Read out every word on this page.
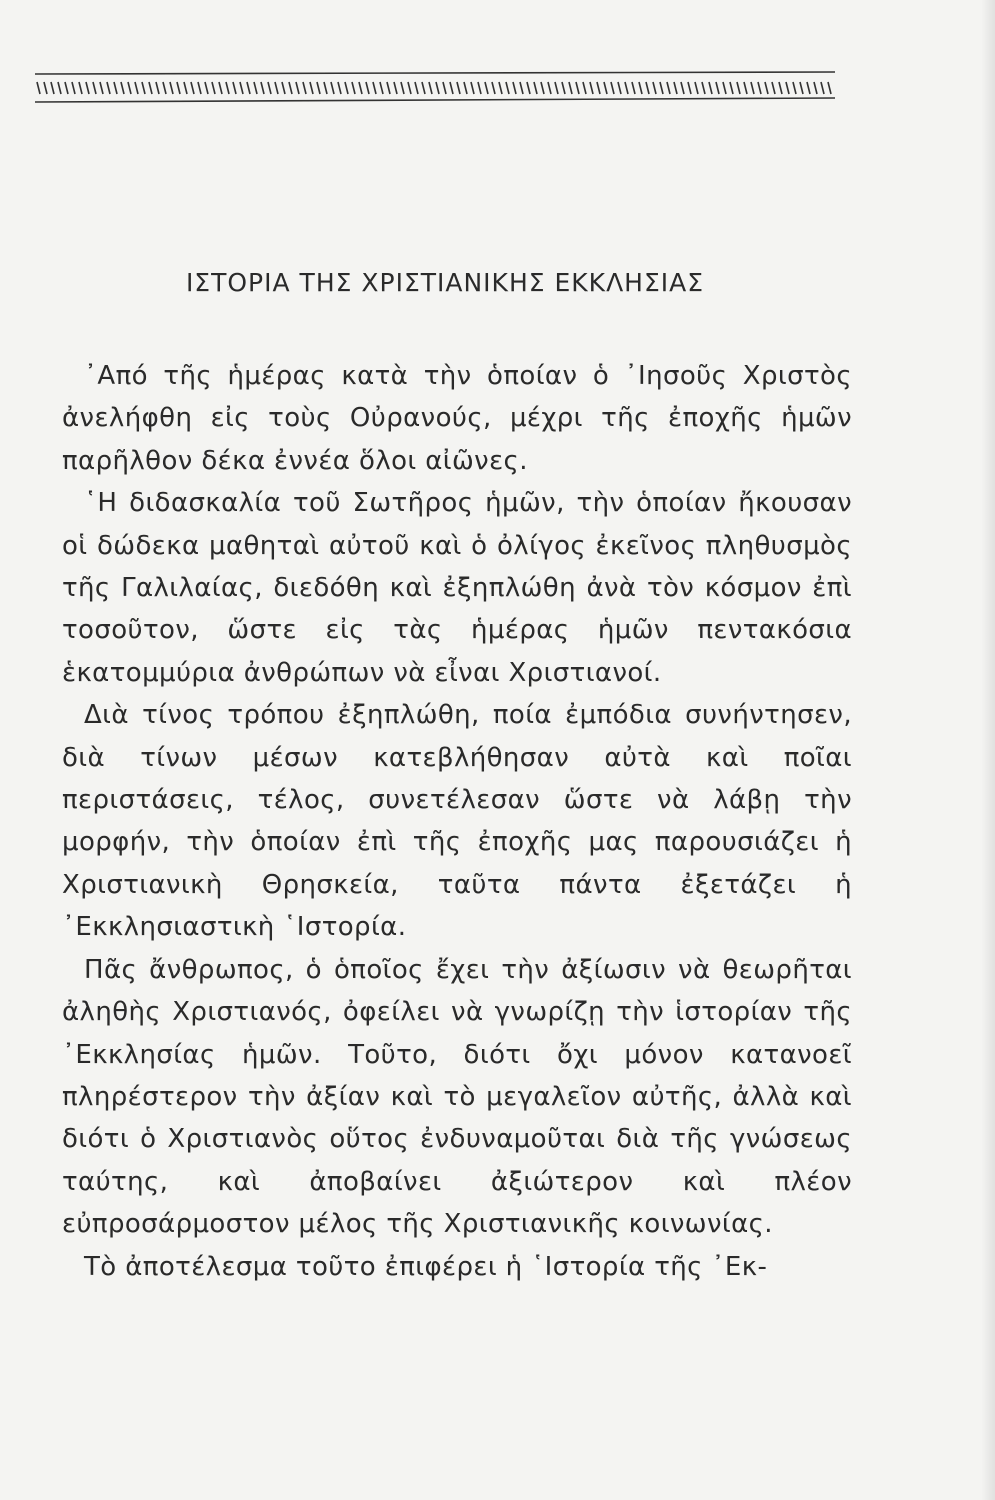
ΙΣΤΟΡΙΑ ΤΗΣ ΧΡΙΣΤΙΑΝΙΚΗΣ ΕΚΚΛΗΣΙΑΣ

᾿Από τῆς ἡμέρας κατὰ τὴν ὁποίαν ὁ ᾿Ιησοῦς Χριστὸς ἀνελήφθη εἰς τοὺς Οὐρανούς, μέχρι τῆς ἐποχῆς ἡμῶν παρῆλθον δέκα ἐννέα ὅλοι αἰῶνες.

῾Η διδασκαλία τοῦ Σωτῆρος ἡμῶν, τὴν ὁποίαν ἤκουσαν οἱ δώδεκα μαθηταὶ αὐτοῦ καὶ ὁ ὀλίγος ἐκεῖνος πληθυσμὸς τῆς Γαλιλαίας, διεδόθη καὶ ἐξηπλώθη ἀνὰ τὸν κόσμον ἐπὶ τοσοῦτον, ὥστε εἰς τὰς ἡμέρας ἡμῶν πεντακόσια ἑκατομμύρια ἀνθρώπων νὰ εἶναι Χριστιανοί.

Διὰ τίνος τρόπου ἐξηπλώθη, ποία ἐμπόδια συνήντησεν, διὰ τίνων μέσων κατεβλήθησαν αὐτὰ καὶ ποῖαι περιστάσεις, τέλος, συνετέλεσαν ὥστε νὰ λάβῃ τὴν μορφήν, τὴν ὁποίαν ἐπὶ τῆς ἐποχῆς μας παρουσιάζει ἡ Χριστιανικὴ Θρησκεία, ταῦτα πάντα ἐξετάζει ἡ ᾿Εκκλησιαστικὴ ῾Ιστορία.

Πᾶς ἄνθρωπος, ὁ ὁποῖος ἔχει τὴν ἀξίωσιν νὰ θεωρῆται ἀληθὴς Χριστιανός, ὀφείλει νὰ γνωρίζῃ τὴν ἱστορίαν τῆς ᾿Εκκλησίας ἡμῶν. Τοῦτο, διότι ὄχι μόνον κατανοεῖ πληρέστερον τὴν ἀξίαν καὶ τὸ μεγαλεῖον αὐτῆς, ἀλλὰ καὶ διότι ὁ Χριστιανὸς οὕτος ἐνδυναμοῦται διὰ τῆς γνώσεως ταύτης, καὶ ἀποβαίνει ἀξιώτερον καὶ πλέον εὐπροσάρμοστον μέλος τῆς Χριστιανικῆς κοινωνίας.

Τὸ ἀποτέλεσμα τοῦτο ἐπιφέρει ἡ ῾Ιστορία τῆς ᾿Εκ-
